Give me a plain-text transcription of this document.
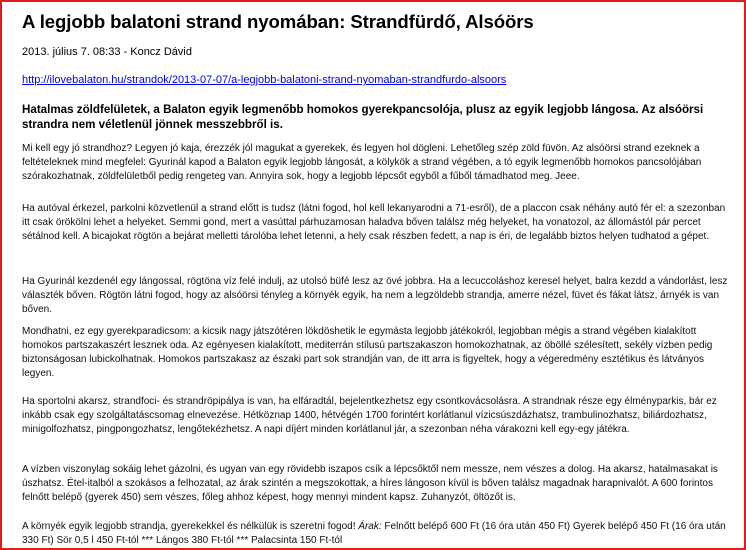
A legjobb balatoni strand nyomában: Strandfürdő, Alsóörs
2013. július 7. 08:33 - Koncz Dávid
http://ilovebalaton.hu/strandok/2013-07-07/a-legjobb-balatoni-strand-nyomaban-strandfurdo-alsoors
Hatalmas zöldfelületek, a Balaton egyik legmenőbb homokos gyerekpancsolója, plusz az egyik legjobb lángosa. Az alsóörsi strandra nem véletlenül jönnek messzebbről is.
Mi kell egy jó strandhoz? Legyen jó kaja, érezzék jól magukat a gyerekek, és legyen hol dögleni. Lehetőleg szép zöld füvön. Az alsóörsi strand ezeknek a feltételeknek mind megfelel: Gyurinál kapod a Balaton egyik legjobb lángosát, a kölykök a strand végében, a tó egyik legmenőbb homokos pancsolójában szórakozhatnak, zöldfelületből pedig rengeteg van. Annyira sok, hogy a legjobb lépcsőt egyből a fűből támadhatod meg. Jeee.
Ha autóval érkezel, parkolni közvetlenül a strand előtt is tudsz (látni fogod, hol kell lekanyarodni a 71-esről), de a placcon csak néhány autó fér el: a szezonban itt csak örökölni lehet a helyeket. Semmi gond, mert a vasúttal párhuzamosan haladva bőven találsz még helyeket, ha vonatozol, az állomástól pár percet sétálnod kell. A bicajokat rögtön a bejárat melletti tárolóba lehet letenni, a hely csak részben fedett, a nap is éri, de legalább biztos helyen tudhatod a gépet.
Ha Gyurinál kezdenél egy lángossal, rögtönа víz felé indulj, az utolsó büfé lesz az övé jobbra. Ha a lecuccoláshoz keresel helyet, balra kezdd a vándorlást, lesz választék bőven. Rögtön látni fogod, hogy az alsóörsi tényleg a környék egyik, ha nem a legzöldebb strandja, amerre nézel, füvet és fákat látsz, árnyék is van bőven.
Mondhatni, ez egy gyerekparadicsom: a kicsik nagy játszótéren lökdöshetik le egymásta legjobb játékokról, legjobban mégis a strand végében kialakított homokos partszakaszért lesznek oda. Az egényesen kialakított, mediterrán stílusú partszakaszon homokozhatnak, az öböllé szélesített, sekély vízben pedig biztonságosan lubickolhatnak. Homokos partszakasz az északi part sok strandján van, de itt arra is figyeltek, hogy a végeredmény esztétikus és látványos legyen.
Ha sportolni akarsz, strandfoci- és strandröpipálya is van, ha elfáradtál, bejelentkezhetsz egy csontkovácsolásra. A strandnak része egy élményparkis, bár ez inkább csak egy szolgáltatáscsomag elnevezése. Hétköznap 1400, hétvégén 1700 forintért korlátlanul vízicsúszdázhatsz, trambulinozhatsz, biliárdozhatsz, minigolfozhatsz, pingpongozhatsz, lengőtekézhetsz. A napi díjért minden korlátlanul jár, a szezonban néha várakozni kell egy-egy játékra.
A vízben viszonylag sokáig lehet gázolni, és ugyan van egy rövidebb iszapos csík a lépcsőktől nem messze, nem vészes a dolog. Ha akarsz, hatalmasakat is úszhatsz. Étel-italból a szokásos a felhozatal, az árak szintén a megszokottak, a híres lángoson kívül is bőven találsz magadnak harapnivalót. A 600 forintos felnőtt belépő (gyerek 450) sem vészes, főleg ahhoz képest, hogy mennyi mindent kapsz. Zuhanyzót, öltözőt is.
A környék egyik legjobb strandja, gyerekekkel és nélkülük is szeretni fogod! Árak: Felnőtt belépő 600 Ft (16 óra után 450 Ft) Gyerek belépő 450 Ft (16 óra után 330 Ft) Sör 0,5 l 450 Ft-tól *** Lángos 380 Ft-tól *** Palacsinta 150 Ft-tól
